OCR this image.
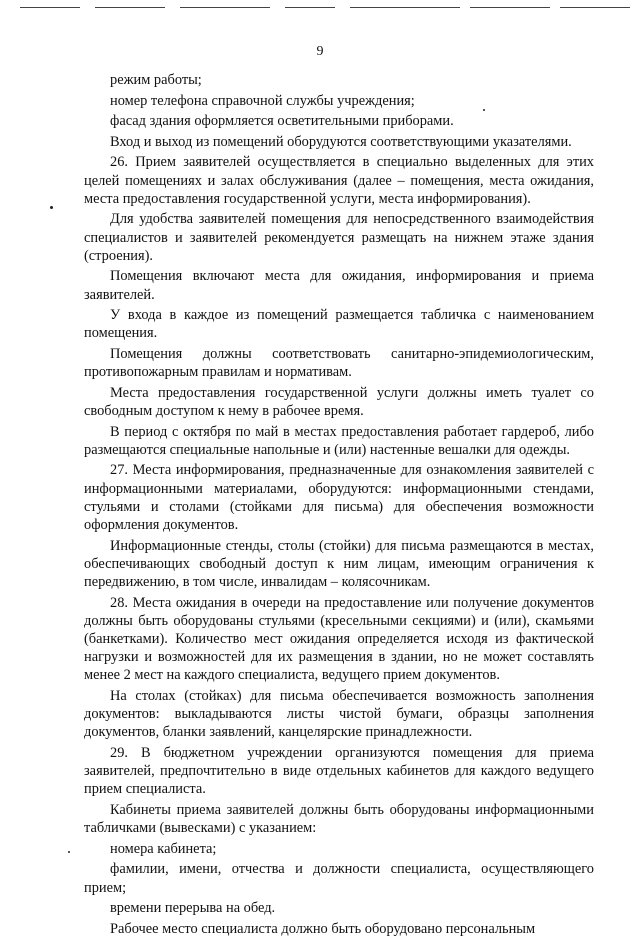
9

режим работы;

номер телефона справочной службы учреждения;

фасад здания оформляется осветительными приборами.

Вход и выход из помещений оборудуются соответствующими указателями.

26. Прием заявителей осуществляется в специально выделенных для этих целей помещениях и залах обслуживания (далее – помещения, места ожидания, места предоставления государственной услуги, места информирования).

Для удобства заявителей помещения для непосредственного взаимодействия специалистов и заявителей рекомендуется размещать на нижнем этаже здания (строения).

Помещения включают места для ожидания, информирования и приема заявителей.

У входа в каждое из помещений размещается табличка с наименованием помещения.

Помещения должны соответствовать санитарно-эпидемиологическим, противопожарным правилам и нормативам.

Места предоставления государственной услуги должны иметь туалет со свободным доступом к нему в рабочее время.

В период с октября по май в местах предоставления работает гардероб, либо размещаются специальные напольные и (или) настенные вешалки для одежды.

27. Места информирования, предназначенные для ознакомления заявителей с информационными материалами, оборудуются: информационными стендами, стульями и столами (стойками для письма) для обеспечения возможности оформления документов.

Информационные стенды, столы (стойки) для письма размещаются в местах, обеспечивающих свободный доступ к ним лицам, имеющим ограничения к передвижению, в том числе, инвалидам – колясочникам.

28. Места ожидания в очереди на предоставление или получение документов должны быть оборудованы стульями (кресельными секциями) и (или), скамьями (банкетками). Количество мест ожидания определяется исходя из фактической нагрузки и возможностей для их размещения в здании, но не может составлять менее 2 мест на каждого специалиста, ведущего прием документов.

На столах (стойках) для письма обеспечивается возможность заполнения документов: выкладываются листы чистой бумаги, образцы заполнения документов, бланки заявлений, канцелярские принадлежности.

29. В бюджетном учреждении организуются помещения для приема заявителей, предпочтительно в виде отдельных кабинетов для каждого ведущего прием специалиста.

Кабинеты приема заявителей должны быть оборудованы информационными табличками (вывесками) с указанием:

номера кабинета;

фамилии, имени, отчества и должности специалиста, осуществляющего прием;

времени перерыва на обед.

Рабочее место специалиста должно быть оборудовано персональным
